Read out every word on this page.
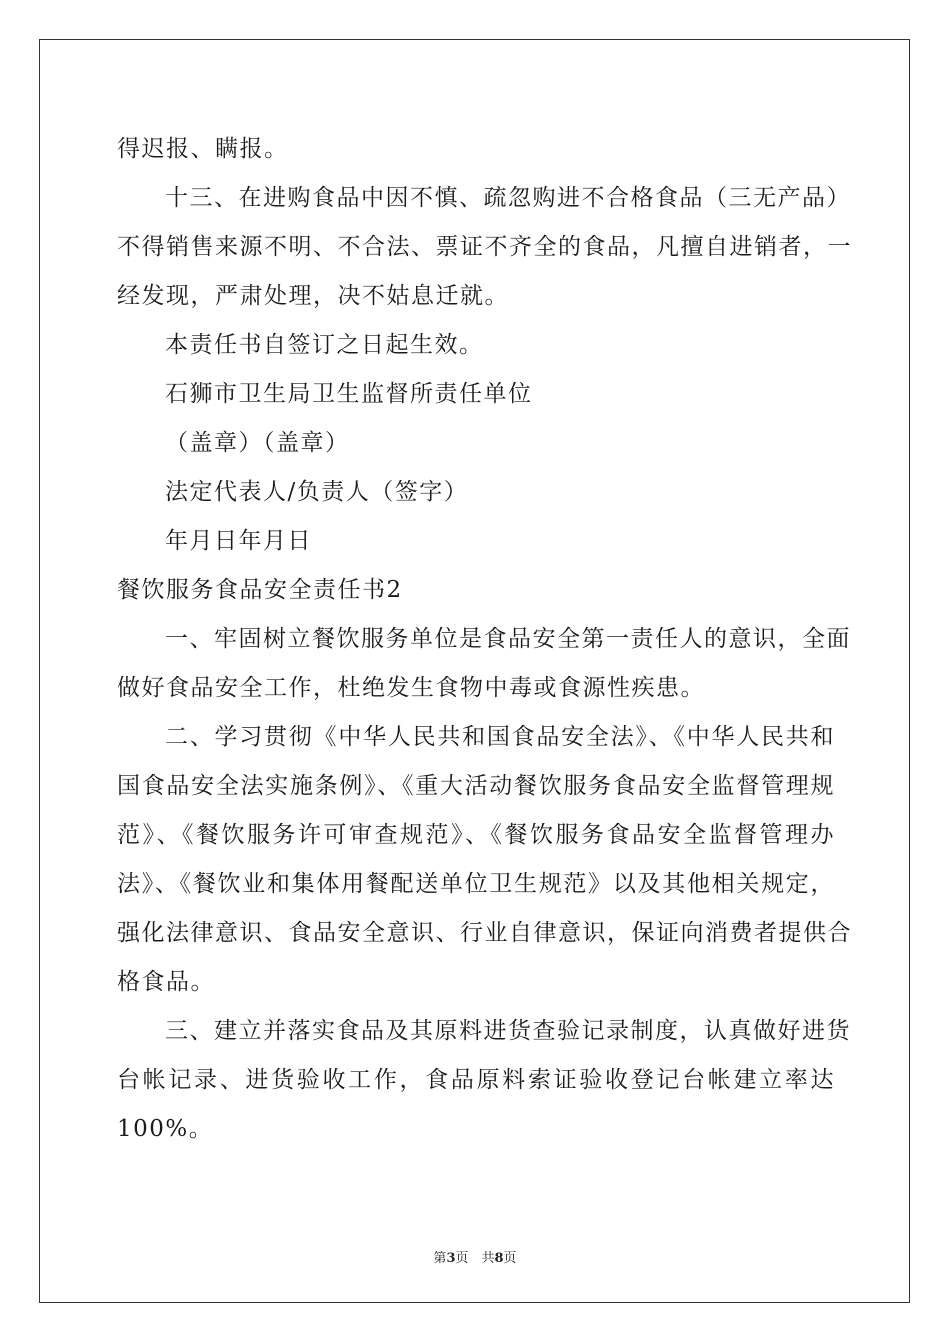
得迟报、瞒报。

十三、在进购食品中因不慎、疏忽购进不合格食品（三无产品）

不得销售来源不明、不合法、票证不齐全的食品，凡擅自进销者，一

经发现，严肃处理，决不姑息迁就。

本责任书自签订之日起生效。

石狮市卫生局卫生监督所责任单位

（盖章）（盖章）

法定代表人/负责人（签字）

年月日年月日

餐饮服务食品安全责任书2

一、牢固树立餐饮服务单位是食品安全第一责任人的意识，全面

做好食品安全工作，杜绝发生食物中毒或食源性疾患。

二、学习贯彻《中华人民共和国食品安全法》、《中华人民共和

国食品安全法实施条例》、《重大活动餐饮服务食品安全监督管理规

范》、《餐饮服务许可审查规范》、《餐饮服务食品安全监督管理办

法》、《餐饮业和集体用餐配送单位卫生规范》以及其他相关规定，

强化法律意识、食品安全意识、行业自律意识，保证向消费者提供合

格食品。

三、建立并落实食品及其原料进货查验记录制度，认真做好进货

台帐记录、进货验收工作，食品原料索证验收登记台帐建立率达

100%。

第3页　共8页
